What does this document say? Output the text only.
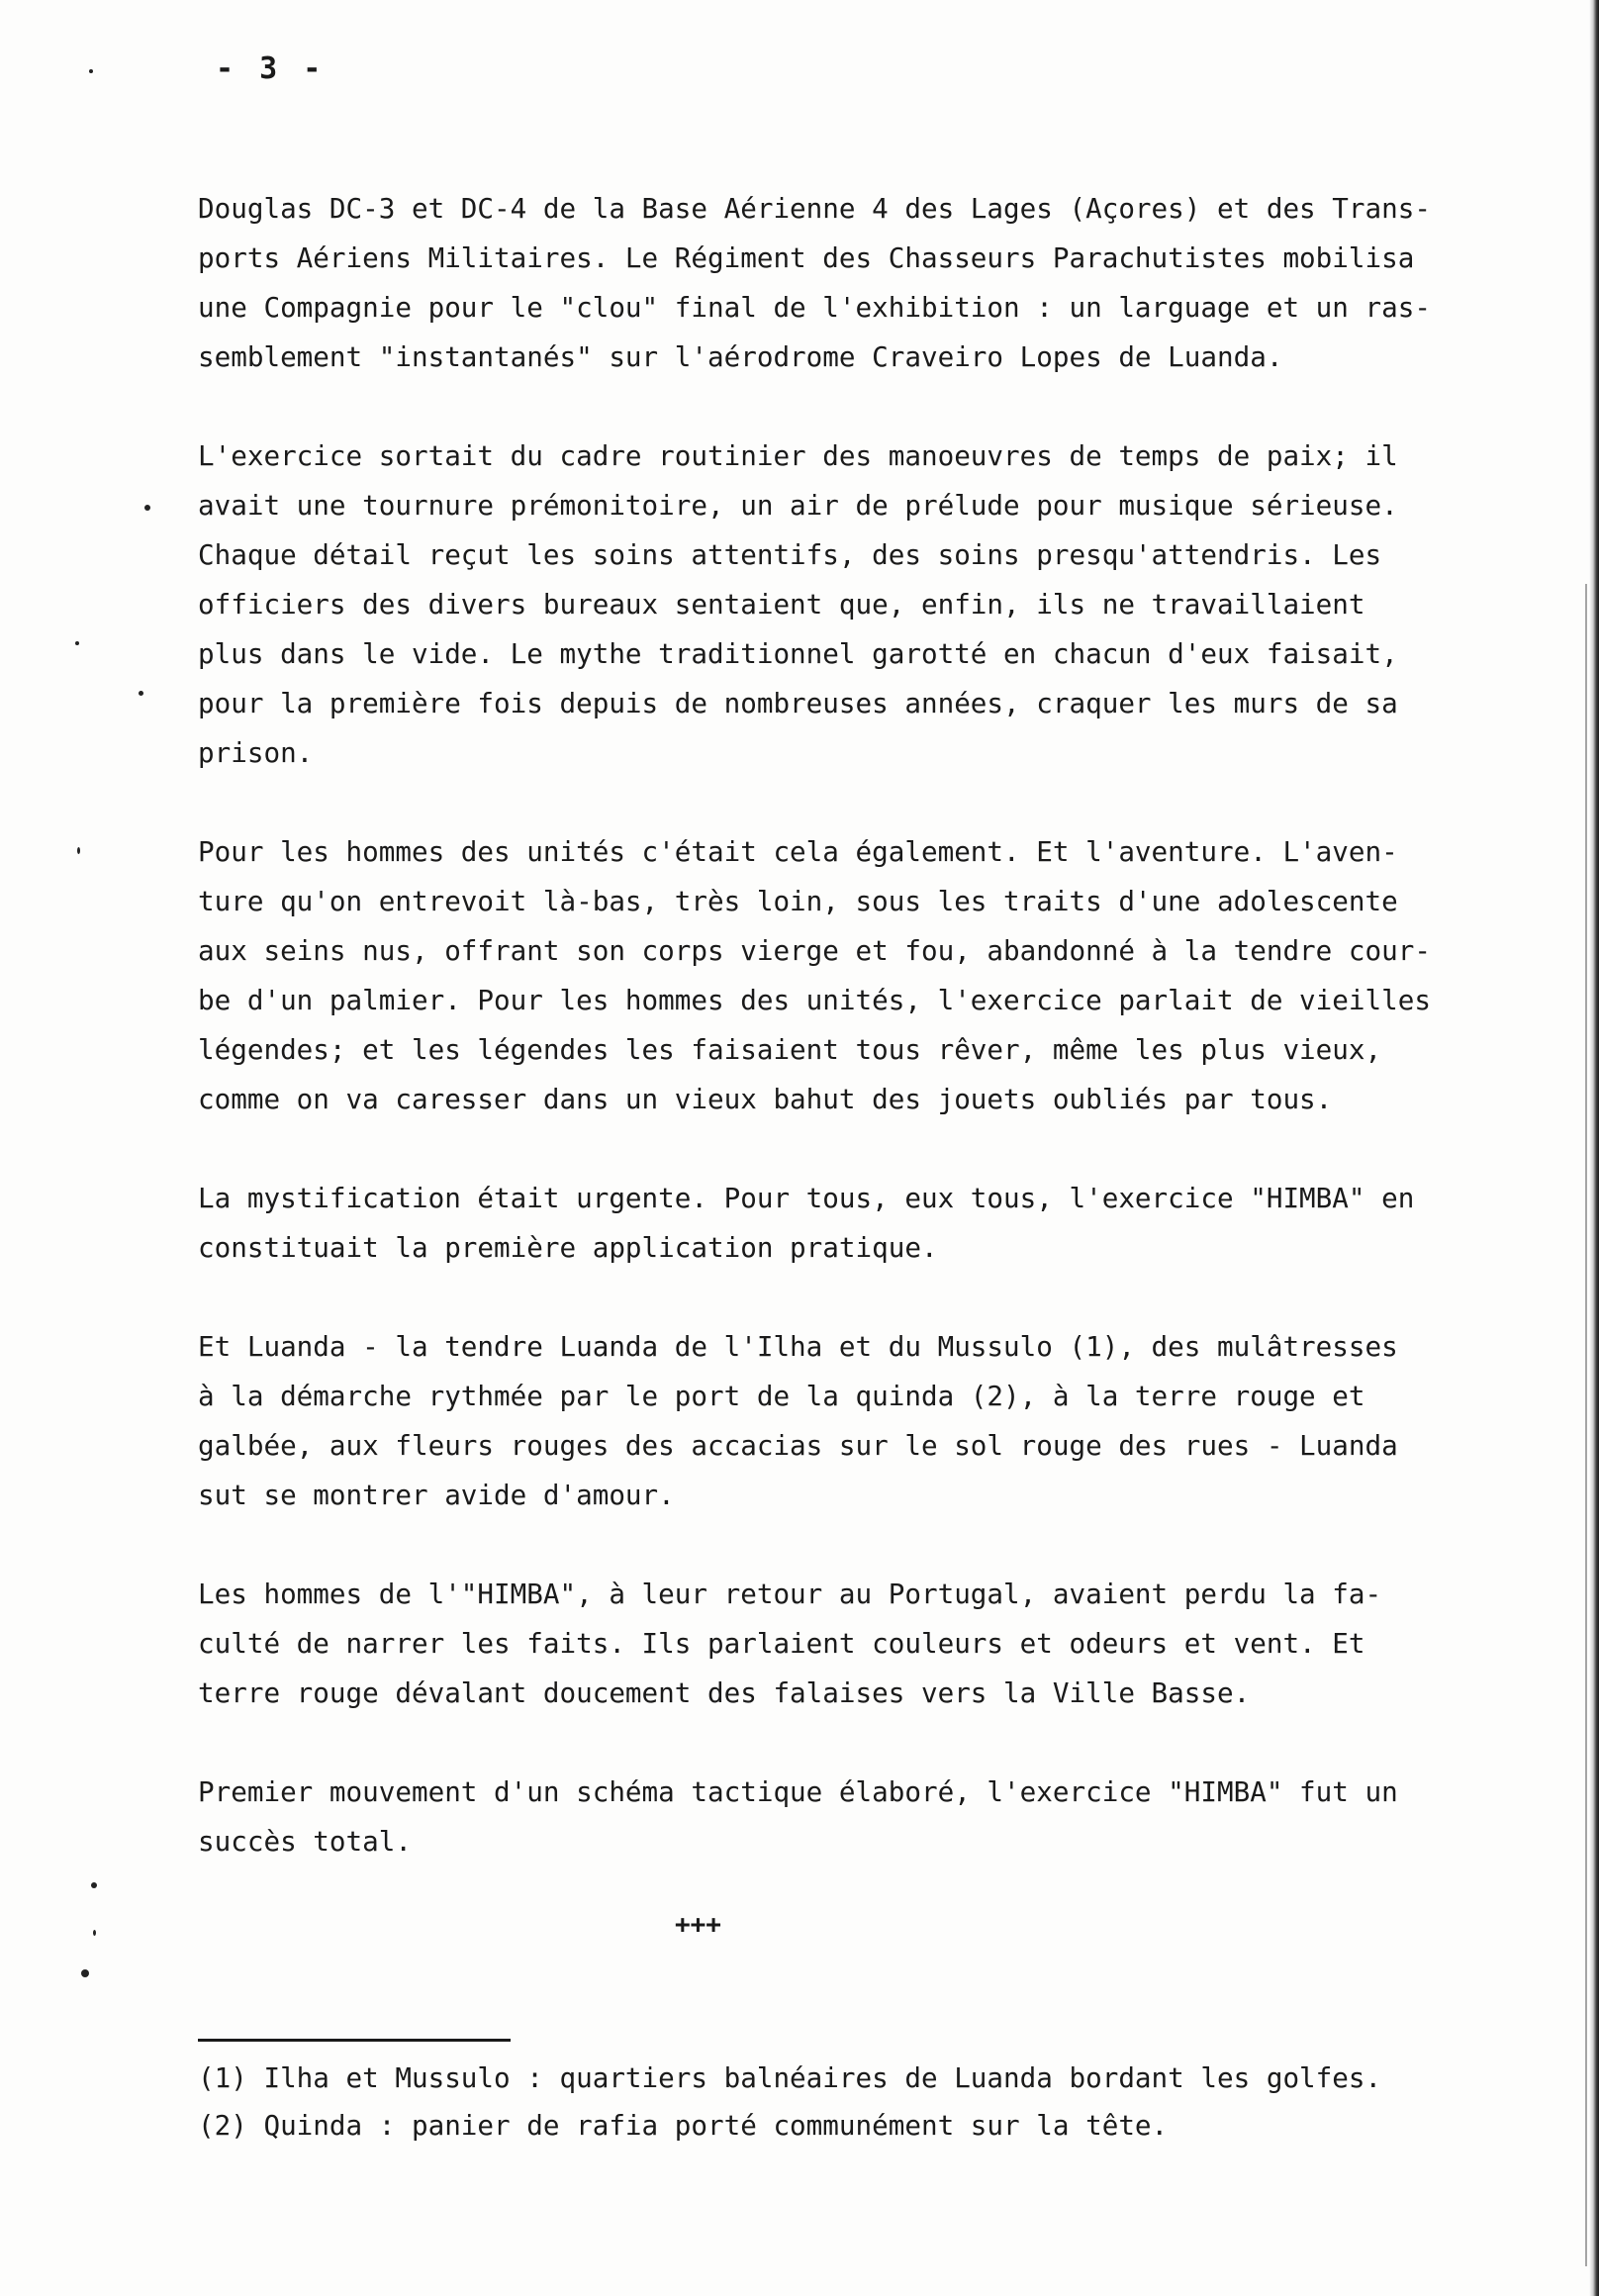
- 3 -
Douglas DC-3 et DC-4 de la Base Aérienne 4 des Lages (Açores) et des Trans-
ports Aériens Militaires. Le Régiment des Chasseurs Parachutistes mobilisa
une Compagnie pour le "clou" final de l'exhibition : un larguage et un ras-
semblement "instantanés" sur l'aérodrome Craveiro Lopes de Luanda.
L'exercice sortait du cadre routinier des manoeuvres de temps de paix; il
avait une tournure prémonitoire, un air de prélude pour musique sérieuse.
Chaque détail reçut les soins attentifs, des soins presqu'attendris. Les
officiers des divers bureaux sentaient que, enfin, ils ne travaillaient
plus dans le vide. Le mythe traditionnel garotté en chacun d'eux faisait,
pour la première fois depuis de nombreuses années, craquer les murs de sa
prison.
Pour les hommes des unités c'était cela également. Et l'aventure. L'aven-
ture qu'on entrevoit là-bas, très loin, sous les traits d'une adolescente
aux seins nus, offrant son corps vierge et fou, abandonné à la tendre cour-
be d'un palmier. Pour les hommes des unités, l'exercice parlait de vieilles
légendes; et les légendes les faisaient tous rêver, même les plus vieux,
comme on va caresser dans un vieux bahut des jouets oubliés par tous.
La mystification était urgente. Pour tous, eux tous, l'exercice "HIMBA" en
constituait la première application pratique.
Et Luanda - la tendre Luanda de l'Ilha et du Mussulo (1), des mulâtresses
à la démarche rythmée par le port de la quinda (2), à la terre rouge et
galbée, aux fleurs rouges des accacias sur le sol rouge des rues - Luanda
sut se montrer avide d'amour.
Les hommes de l'"HIMBA", à leur retour au Portugal, avaient perdu la fa-
culté de narrer les faits. Ils parlaient couleurs et odeurs et vent. Et
terre rouge dévalant doucement des falaises vers la Ville Basse.
Premier mouvement d'un schéma tactique élaboré, l'exercice "HIMBA" fut un
succès total.
+++
(1) Ilha et Mussulo : quartiers balnéaires de Luanda bordant les golfes.
(2) Quinda : panier de rafia porté communément sur la tête.
